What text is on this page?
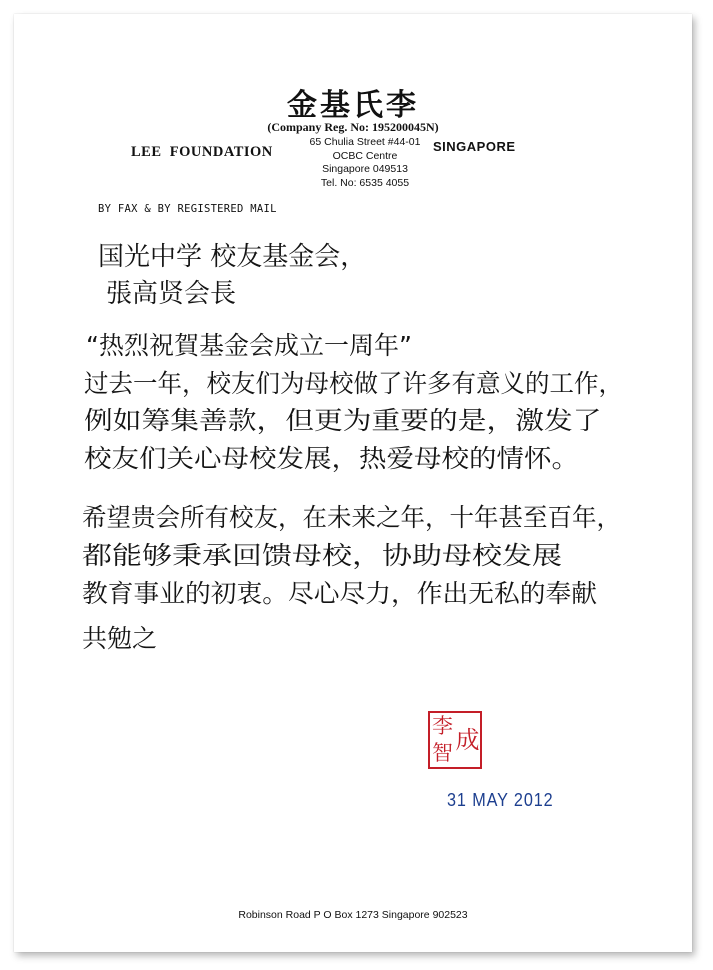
金基氏李
(Company Reg. No: 195200045N)
LEE  FOUNDATION
65 Chulia Street #44-01
OCBC Centre
Singapore 049513
Tel. No: 6535 4055
SINGAPORE
BY FAX & BY REGISTERED MAIL
国光中学 校友基金会，
張高贤会長
“热烈祝賀基金会成立一周年”
过去一年，校友们为母校做了许多有意义的工作，
例如筹集善款，但更为重要的是，激发了
校友们关心母校发展，热爱母校的情怀。
希望贵会所有校友，在未来之年，十年甚至百年，
都能够秉承回馈母校，协助母校发展
教育事业的初衷。尽心尽力，作出无私的奉献
共勉之
成
李
智
31 MAY 2012
Robinson Road P O Box 1273 Singapore 902523
